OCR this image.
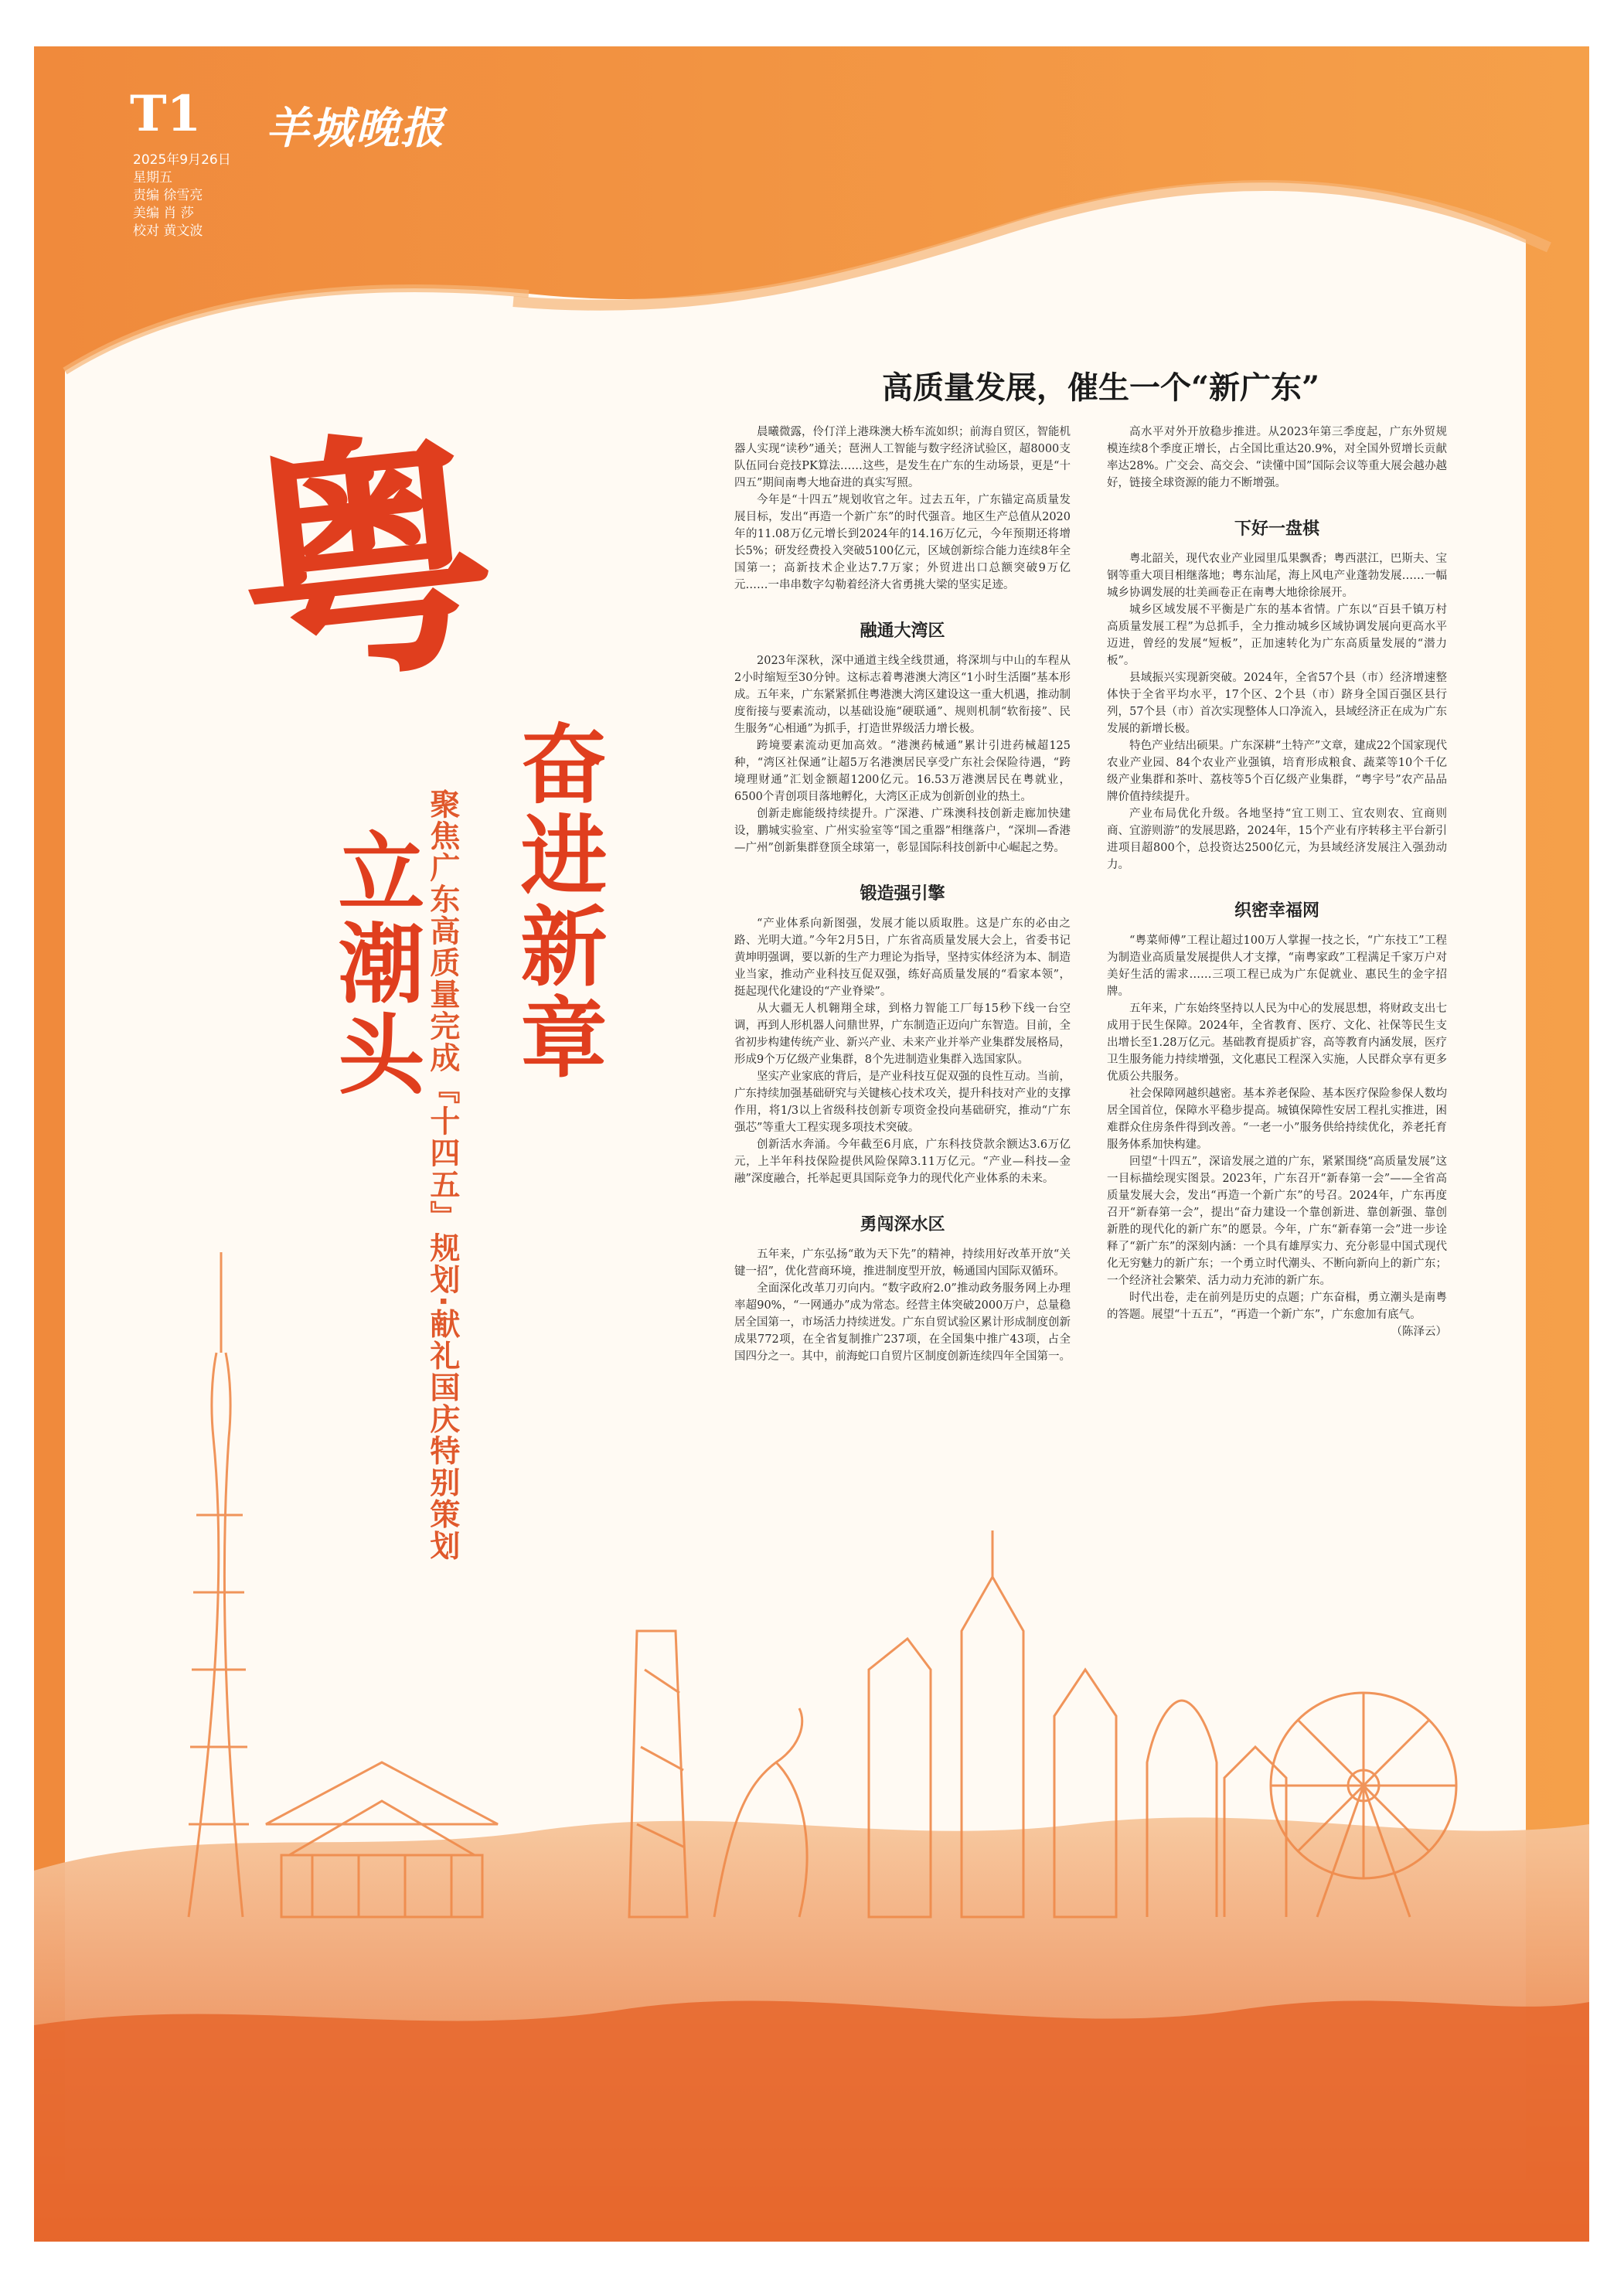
T1 羊城晚报
2025年9月26日
星期五
责编 徐雪亮
美编 肖 莎
校对 黄文波
高质量发展，催生一个“新广东”
粤
奋进新章
立潮头 聚焦广东高质量完成『十四五』规划·献礼国庆特别策划

晨曦微露，伶仃洋上港珠澳大桥车流如织；前海自贸区，智能机器人实现“读秒”通关；琶洲人工智能与数字经济试验区，超8000支队伍同台竞技PK算法……这些，是发生在广东的生动场景，更是“十四五”期间南粤大地奋进的真实写照。

今年是“十四五”规划收官之年。过去五年，广东锚定高质量发展目标，发出“再造一个新广东”的时代强音。地区生产总值从2020年的11.08万亿元增长到2024年的14.16万亿元，今年预期还将增长5%；研发经费投入突破5100亿元，区域创新综合能力连续8年全国第一；高新技术企业达7.7万家；外贸进出口总额突破9万亿元……一串串数字勾勒着经济大省勇挑大梁的坚实足迹。

融通大湾区

2023年深秋，深中通道主线全线贯通，将深圳与中山的车程从2小时缩短至30分钟。这标志着粤港澳大湾区“1小时生活圈”基本形成。五年来，广东紧紧抓住粤港澳大湾区建设这一重大机遇，推动制度衔接与要素流动，以基础设施“硬联通”、规则机制“软衔接”、民生服务“心相通”为抓手，打造世界级活力增长极。

跨境要素流动更加高效。“港澳药械通”累计引进药械超125种，“湾区社保通”让超5万名港澳居民享受广东社会保险待遇，“跨境理财通”汇划金额超1200亿元。16.53万港澳居民在粤就业，6500个青创项目落地孵化，大湾区正成为创新创业的热土。

创新走廊能级持续提升。广深港、广珠澳科技创新走廊加快建设，鹏城实验室、广州实验室等“国之重器”相继落户，“深圳—香港—广州”创新集群登顶全球第一，彰显国际科技创新中心崛起之势。

锻造强引擎

“产业体系向新图强，发展才能以质取胜。这是广东的必由之路、光明大道。”今年2月5日，广东省高质量发展大会上，省委书记黄坤明强调，要以新的生产力理论为指导，坚持实体经济为本、制造业当家，推动产业科技互促双强，练好高质量发展的“看家本领”，挺起现代化建设的“产业脊梁”。

从大疆无人机翱翔全球，到格力智能工厂每15秒下线一台空调，再到人形机器人问鼎世界，广东制造正迈向广东智造。目前，全省初步构建传统产业、新兴产业、未来产业并举产业集群发展格局，形成9个万亿级产业集群，8个先进制造业集群入选国家队。

坚实产业家底的背后，是产业科技互促双强的良性互动。当前，广东持续加强基础研究与关键核心技术攻关，提升科技对产业的支撑作用，将1/3以上省级科技创新专项资金投向基础研究，推动“广东强芯”等重大工程实现多项技术突破。

创新活水奔涌。今年截至6月底，广东科技贷款余额达3.6万亿元，上半年科技保险提供风险保障3.11万亿元。“产业—科技—金融”深度融合，托举起更具国际竞争力的现代化产业体系的未来。

勇闯深水区

五年来，广东弘扬“敢为天下先”的精神，持续用好改革开放“关键一招”，优化营商环境，推进制度型开放，畅通国内国际双循环。

全面深化改革刀刃向内。“数字政府2.0”推动政务服务网上办理率超90%，“一网通办”成为常态。经营主体突破2000万户，总量稳居全国第一，市场活力持续迸发。广东自贸试验区累计形成制度创新成果772项，在全省复制推广237项，在全国集中推广43项，占全国四分之一。其中，前海蛇口自贸片区制度创新连续四年全国第一。

高水平对外开放稳步推进。从2023年第三季度起，广东外贸规模连续8个季度正增长，占全国比重达20.9%，对全国外贸增长贡献率达28%。广交会、高交会、“读懂中国”国际会议等重大展会越办越好，链接全球资源的能力不断增强。

下好一盘棋

粤北韶关，现代农业产业园里瓜果飘香；粤西湛江，巴斯夫、宝钢等重大项目相继落地；粤东汕尾，海上风电产业蓬勃发展……一幅城乡协调发展的壮美画卷正在南粤大地徐徐展开。

城乡区域发展不平衡是广东的基本省情。广东以“百县千镇万村高质量发展工程”为总抓手，全力推动城乡区域协调发展向更高水平迈进，曾经的发展“短板”，正加速转化为广东高质量发展的“潜力板”。

县域振兴实现新突破。2024年，全省57个县（市）经济增速整体快于全省平均水平，17个区、2个县（市）跻身全国百强区县行列，57个县（市）首次实现整体人口净流入，县域经济正在成为广东发展的新增长极。

特色产业结出硕果。广东深耕“土特产”文章，建成22个国家现代农业产业园、84个农业产业强镇，培育形成粮食、蔬菜等10个千亿级产业集群和茶叶、荔枝等5个百亿级产业集群，“粤字号”农产品品牌价值持续提升。

产业布局优化升级。各地坚持“宜工则工、宜农则农、宜商则商、宜游则游”的发展思路，2024年，15个产业有序转移主平台新引进项目超800个，总投资达2500亿元，为县域经济发展注入强劲动力。

织密幸福网

“粤菜师傅”工程让超过100万人掌握一技之长，“广东技工”工程为制造业高质量发展提供人才支撑，“南粤家政”工程满足千家万户对美好生活的需求……三项工程已成为广东促就业、惠民生的金字招牌。

五年来，广东始终坚持以人民为中心的发展思想，将财政支出七成用于民生保障。2024年，全省教育、医疗、文化、社保等民生支出增长至1.28万亿元。基础教育提质扩容，高等教育内涵发展，医疗卫生服务能力持续增强，文化惠民工程深入实施，人民群众享有更多优质公共服务。

社会保障网越织越密。基本养老保险、基本医疗保险参保人数均居全国首位，保障水平稳步提高。城镇保障性安居工程扎实推进，困难群众住房条件得到改善。“一老一小”服务供给持续优化，养老托育服务体系加快构建。

回望“十四五”，深谙发展之道的广东，紧紧围绕“高质量发展”这一目标描绘现实图景。2023年，广东召开“新春第一会”——全省高质量发展大会，发出“再造一个新广东”的号召。2024年，广东再度召开“新春第一会”，提出“奋力建设一个靠创新进、靠创新强、靠创新胜的现代化的新广东”的愿景。今年，广东“新春第一会”进一步诠释了“新广东”的深刻内涵：一个具有雄厚实力、充分彰显中国式现代化无穷魅力的新广东；一个勇立时代潮头、不断向新向上的新广东；一个经济社会繁荣、活力动力充沛的新广东。

时代出卷，走在前列是历史的点题；广东奋楫，勇立潮头是南粤的答题。展望“十五五”，“再造一个新广东”，广东愈加有底气。

（陈泽云）
